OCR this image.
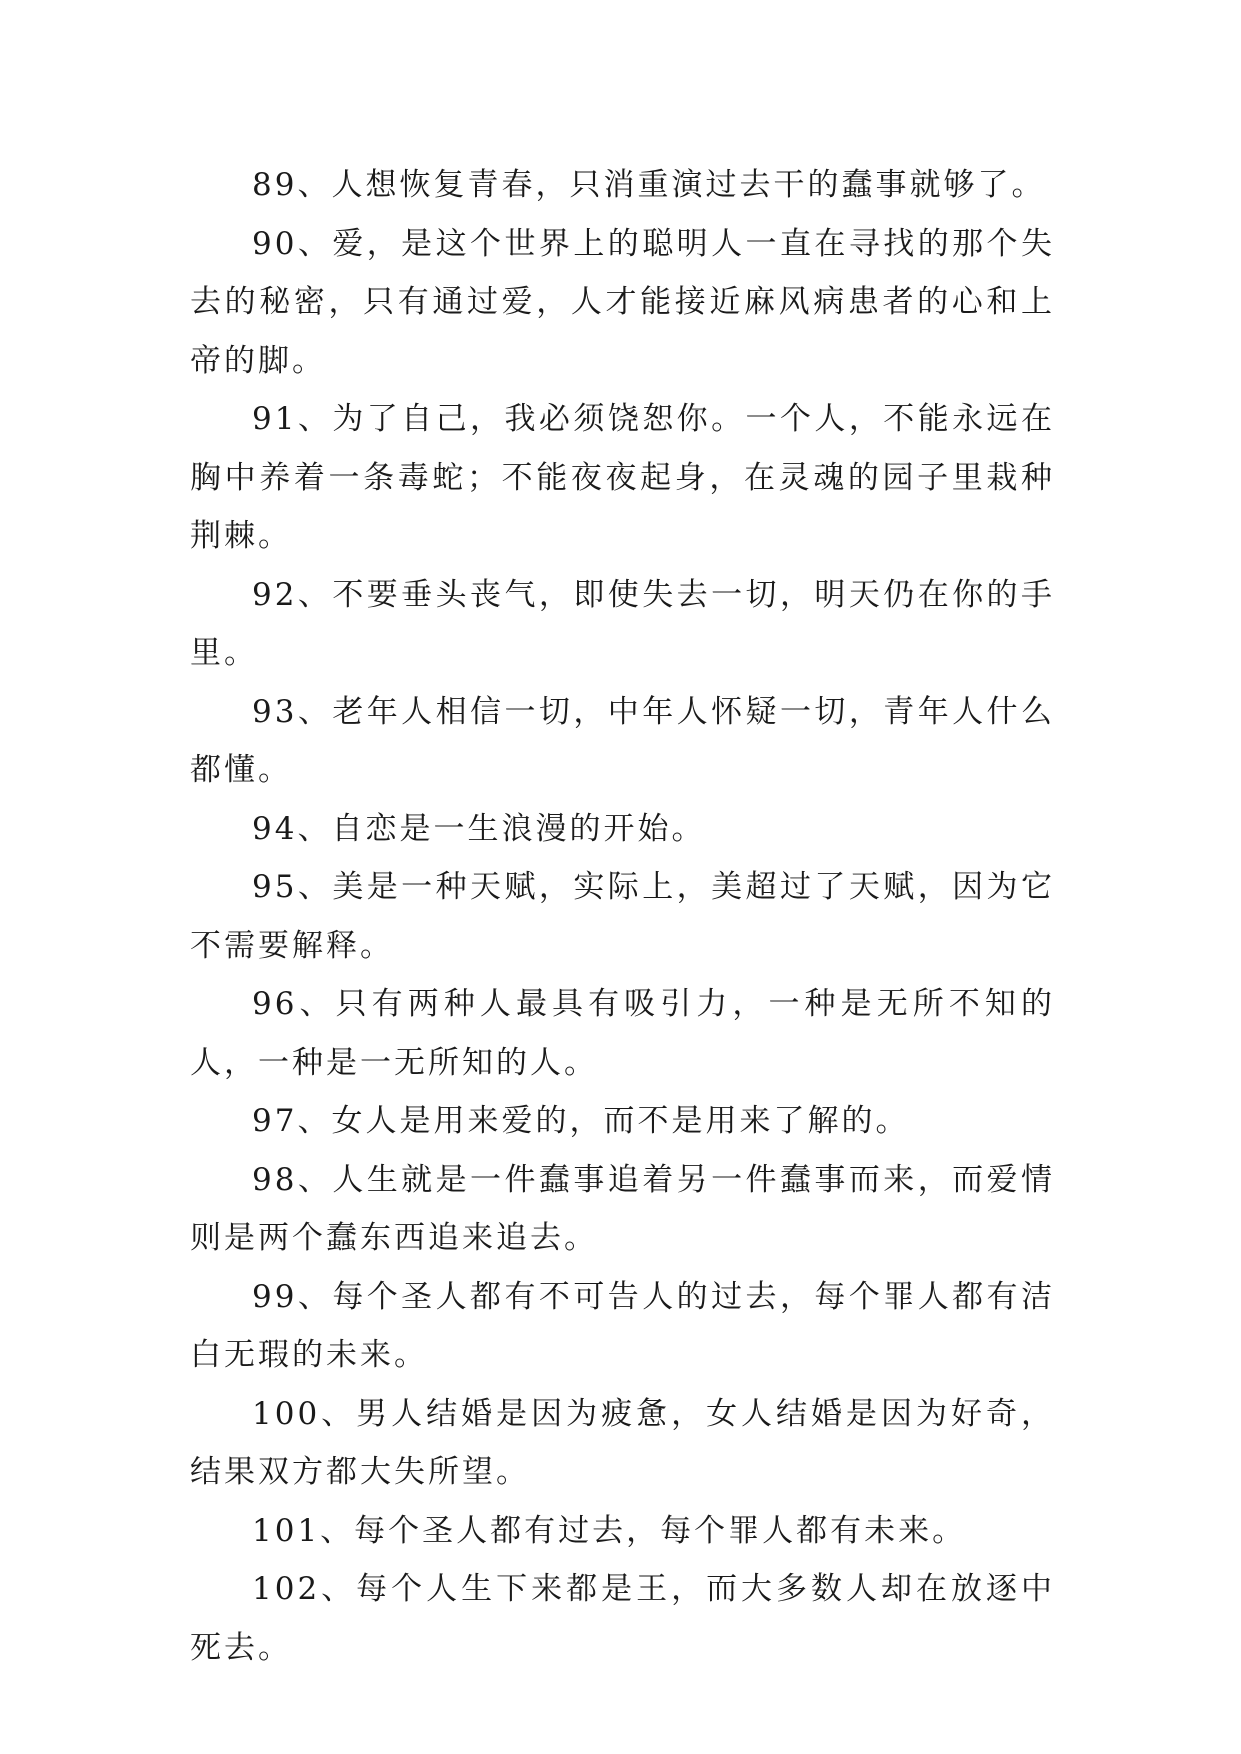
89、人想恢复青春，只消重演过去干的蠢事就够了。

90、爱，是这个世界上的聪明人一直在寻找的那个失去的秘密，只有通过爱，人才能接近麻风病患者的心和上帝的脚。

91、为了自己，我必须饶恕你。一个人，不能永远在胸中养着一条毒蛇；不能夜夜起身，在灵魂的园子里栽种荆棘。

92、不要垂头丧气，即使失去一切，明天仍在你的手里。

93、老年人相信一切，中年人怀疑一切，青年人什么都懂。

94、自恋是一生浪漫的开始。

95、美是一种天赋，实际上，美超过了天赋，因为它不需要解释。

96、只有两种人最具有吸引力，一种是无所不知的人，一种是一无所知的人。

97、女人是用来爱的，而不是用来了解的。

98、人生就是一件蠢事追着另一件蠢事而来，而爱情则是两个蠢东西追来追去。

99、每个圣人都有不可告人的过去，每个罪人都有洁白无瑕的未来。

100、男人结婚是因为疲惫，女人结婚是因为好奇，结果双方都大失所望。

101、每个圣人都有过去，每个罪人都有未来。

102、每个人生下来都是王，而大多数人却在放逐中死去。
